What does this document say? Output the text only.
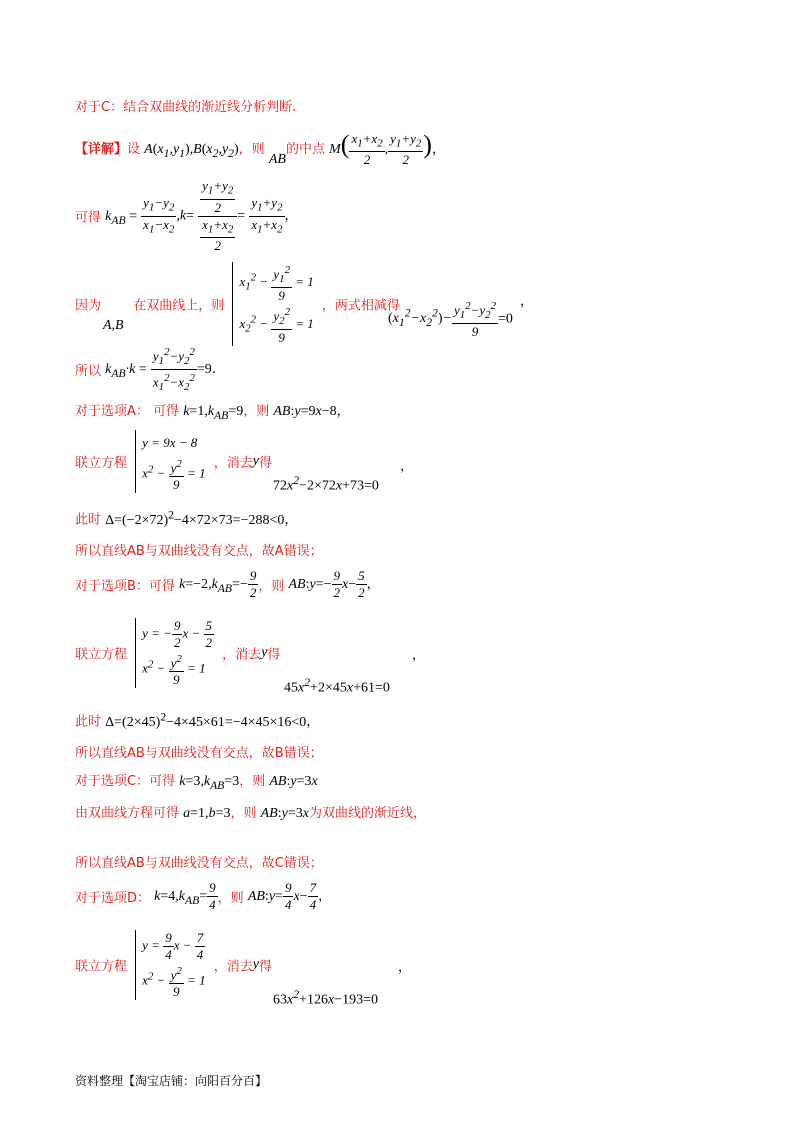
对于C：结合双曲线的渐近线分析判断.
【详解】设 $A(x_1,y_1),B(x_2,y_2)$，则 AB的中点 $M( \frac{x_1+x_2}{2}$ , $\frac{y_1+y_2}{2}$ )，
可得 $k_{AB} = \frac{y_1-y_2}{x_1-x_2} ,k= \frac{\frac{y_1+y_2}{2}}{\frac{x_1+x_2}{2}} = \frac{y_1+y_2}{x_1+x_2}$ ，
因为 在双曲线上，则
$x_1^2 - \frac{y_1^2}{9} = 1$
$x_2^2 - \frac{y_2^2}{9} = 1$
，两式相减得
A,B	$(x_1^2-x_2^2)- \frac{y_1^2-y_2^2}{9} =0$
，
所以 $k_{AB}\cdot k = \frac{y_1^2-y_2^2}{x_1^2-x_2^2} =9$.
对于选项A： 可得 $k=1,k_{AB}=9$，则 AB:y=9x−8，
联立方程
y = 9x − 8
$x^2 - \frac{y^2}{9} = 1$
，消去y得
$72x^2-2\times 72x+73=0$
，
此时 $\Delta=(-2\times 72)^2-4\times 72\times 73=-288<0$，
所以直线AB与双曲线没有交点，故A错误；
对于选项B：可得 $k=-2,k_{AB}=- \frac{9}{2}$ ，则 AB:y=− $\frac{9}{2} x- \frac{5}{2}$ ，
联立方程
y = − $\frac{9}{2}$ $x - \frac{5}{2}$
$x^2 - \frac{y^2}{9} = 1$
，消去y得
$45x^2+2\times 45x+61=0$
，
此时 $\Delta=(2\times 45)^2-4\times 45\times 61=-4\times 45\times 16<0$，
所以直线AB与双曲线没有交点，故B错误；
对于选项C：可得 $k=3,k_{AB}=3$，则 AB:y=3x
由双曲线方程可得 a=1,b=3，则 AB:y=3x为双曲线的渐近线，
所以直线AB与双曲线没有交点，故C错误；
对于选项D： $k=4,k_{AB}= \frac{9}{4}$ ，则 AB:y= $\frac{9}{4} x- \frac{7}{4}$ ，
联立方程
$y = \frac{9}{4}$ $x - \frac{7}{4}$
$x^2 - \frac{y^2}{9} = 1$
，消去y得
$63x^2+126x-193=0$
，
资料整理【淘宝店铺：向阳百分百】
